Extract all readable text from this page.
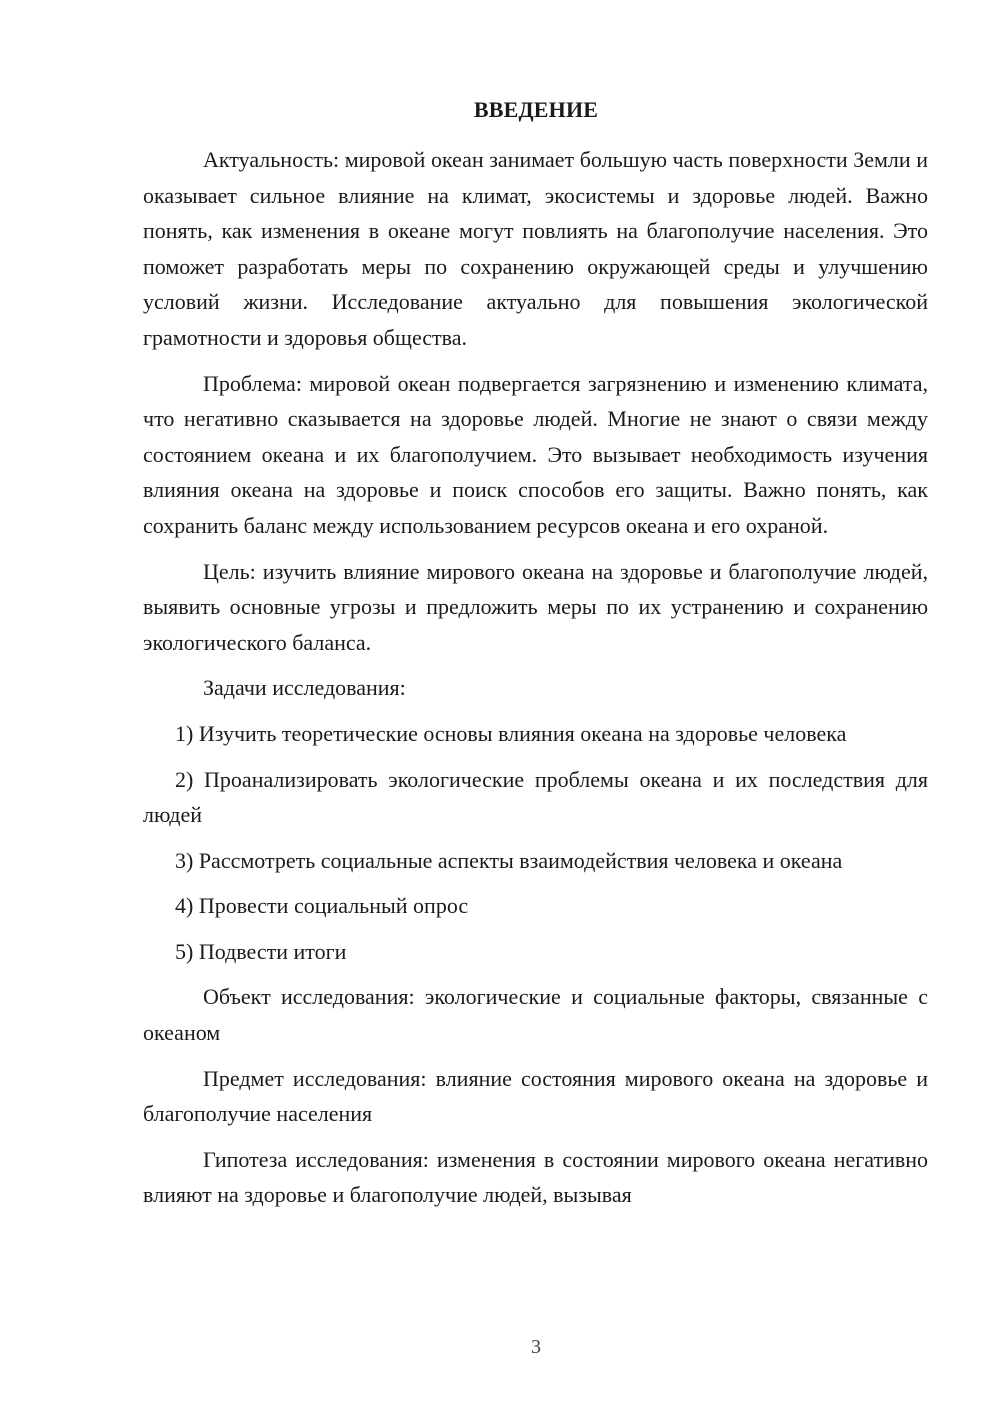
ВВЕДЕНИЕ

Актуальность: мировой океан занимает большую часть поверхности Земли и оказывает сильное влияние на климат, экосистемы и здоровье людей. Важно понять, как изменения в океане могут повлиять на благополучие населения. Это поможет разработать меры по сохранению окружающей среды и улучшению условий жизни. Исследование актуально для повышения экологической грамотности и здоровья общества.

Проблема: мировой океан подвергается загрязнению и изменению климата, что негативно сказывается на здоровье людей. Многие не знают о связи между состоянием океана и их благополучием. Это вызывает необходимость изучения влияния океана на здоровье и поиск способов его защиты. Важно понять, как сохранить баланс между использованием ресурсов океана и его охраной.

Цель: изучить влияние мирового океана на здоровье и благополучие людей, выявить основные угрозы и предложить меры по их устранению и сохранению экологического баланса.

Задачи исследования:

1) Изучить теоретические основы влияния океана на здоровье человека

2) Проанализировать экологические проблемы океана и их последствия для людей

3) Рассмотреть социальные аспекты взаимодействия человека и океана

4) Провести социальный опрос

5) Подвести итоги

Объект исследования: экологические и социальные факторы, связанные с океаном

Предмет исследования: влияние состояния мирового океана на здоровье и благополучие населения

Гипотеза исследования: изменения в состоянии мирового океана негативно влияют на здоровье и благополучие людей, вызывая

3
